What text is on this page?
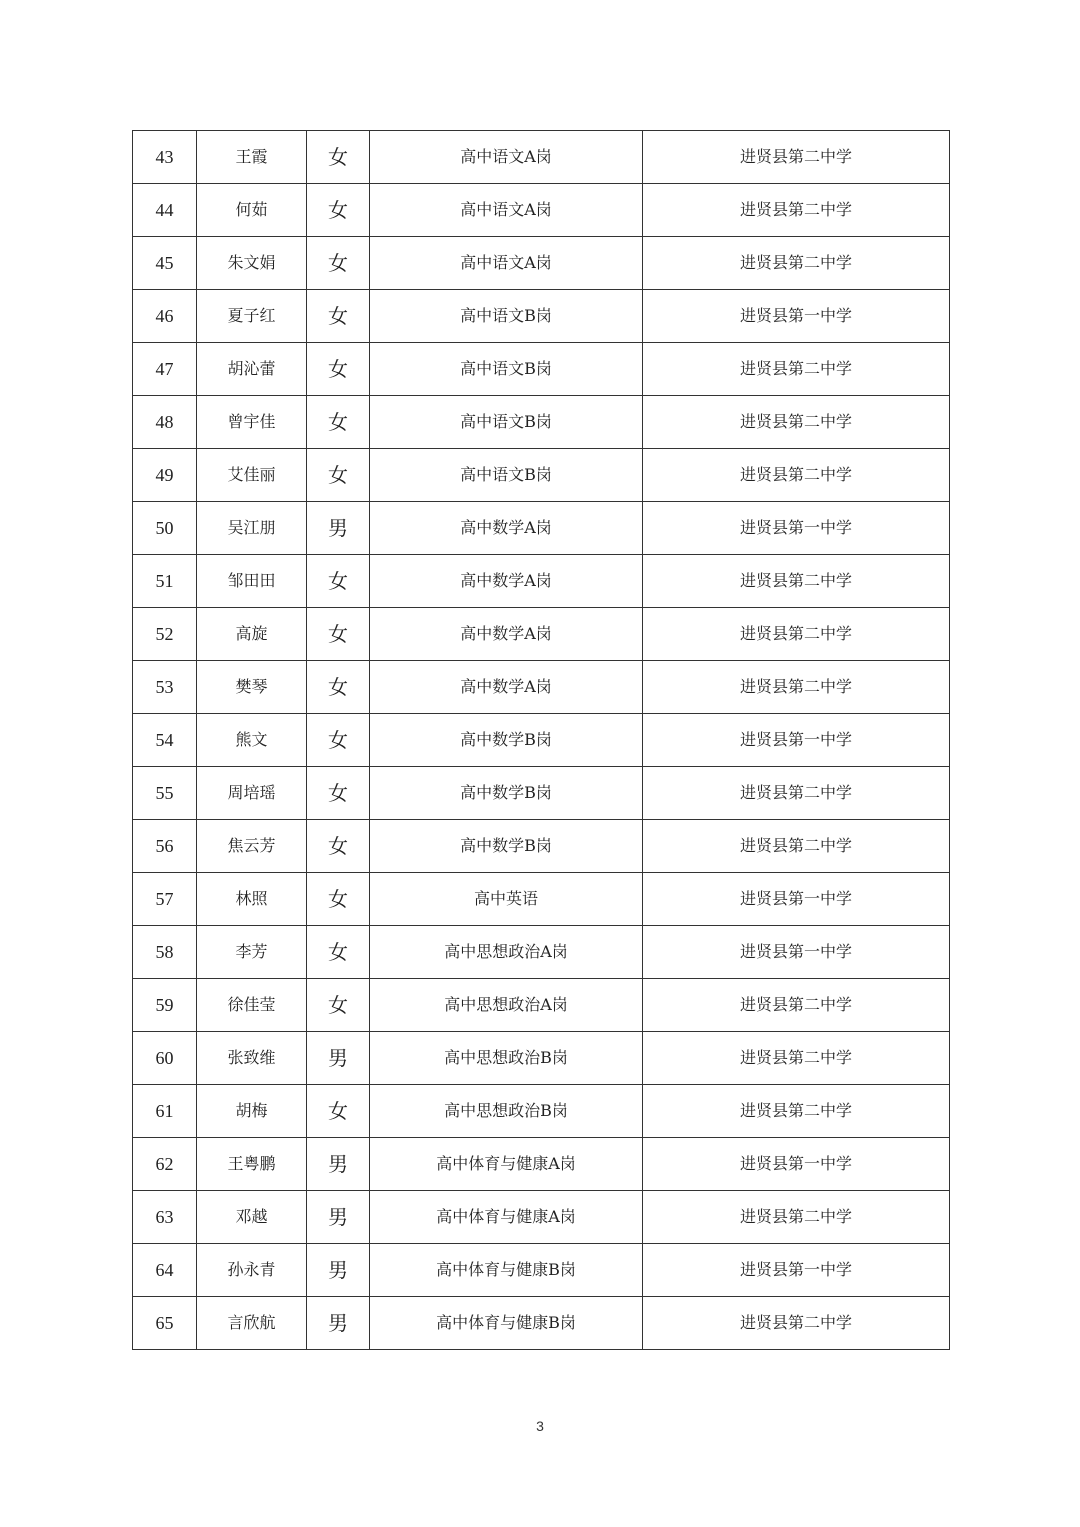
43	王霞	女	高中语文A岗	进贤县第二中学
44	何茹	女	高中语文A岗	进贤县第二中学
45	朱文娟	女	高中语文A岗	进贤县第二中学
46	夏子红	女	高中语文B岗	进贤县第一中学
47	胡沁蕾	女	高中语文B岗	进贤县第二中学
48	曾宇佳	女	高中语文B岗	进贤县第二中学
49	艾佳丽	女	高中语文B岗	进贤县第二中学
50	吴江朋	男	高中数学A岗	进贤县第一中学
51	邹田田	女	高中数学A岗	进贤县第二中学
52	高旋	女	高中数学A岗	进贤县第二中学
53	樊琴	女	高中数学A岗	进贤县第二中学
54	熊文	女	高中数学B岗	进贤县第一中学
55	周培瑶	女	高中数学B岗	进贤县第二中学
56	焦云芳	女	高中数学B岗	进贤县第二中学
57	林照	女	高中英语	进贤县第一中学
58	李芳	女	高中思想政治A岗	进贤县第一中学
59	徐佳莹	女	高中思想政治A岗	进贤县第二中学
60	张致维	男	高中思想政治B岗	进贤县第二中学
61	胡梅	女	高中思想政治B岗	进贤县第二中学
62	王粤鹏	男	高中体育与健康A岗	进贤县第一中学
63	邓越	男	高中体育与健康A岗	进贤县第二中学
64	孙永青	男	高中体育与健康B岗	进贤县第一中学
65	言欣航	男	高中体育与健康B岗	进贤县第二中学
3
